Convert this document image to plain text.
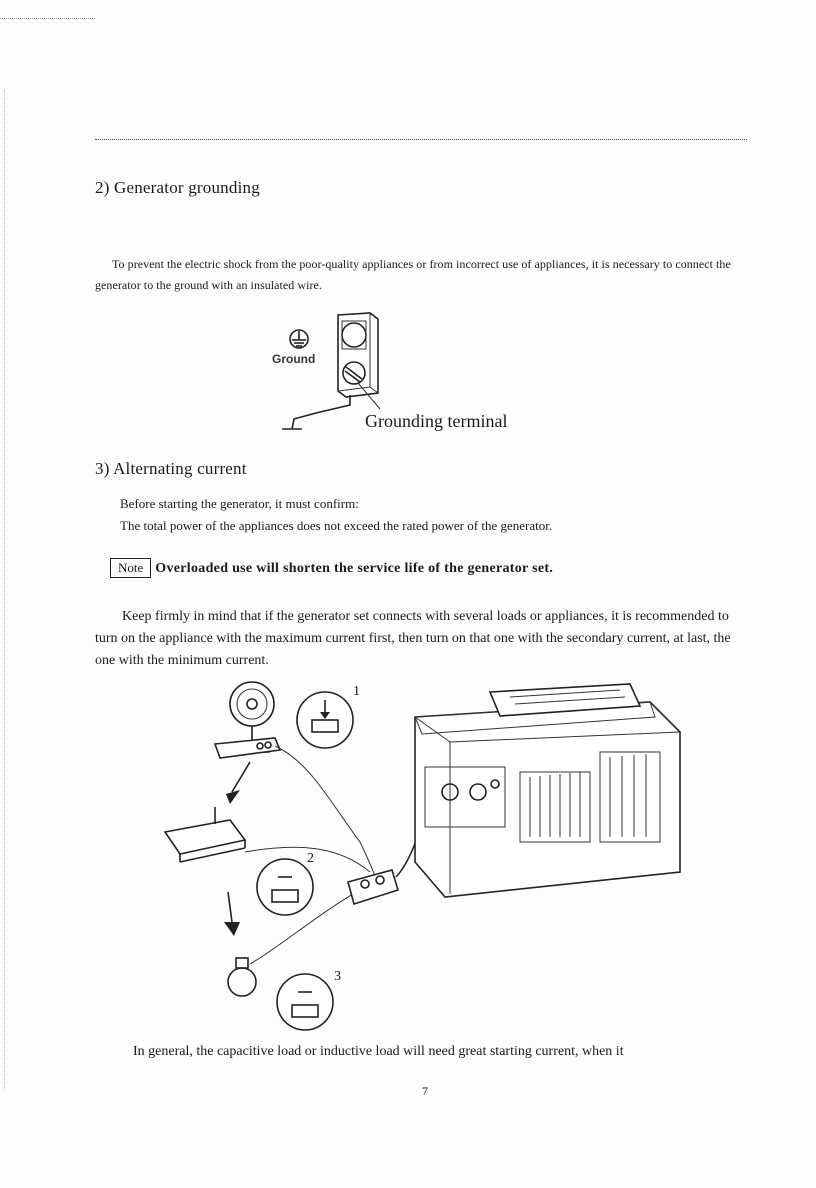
2) Generator grounding
To prevent the electric shock from the poor-quality appliances or from incorrect use of appliances, it is necessary to connect the generator to the ground with an insulated wire.
Ground
Grounding terminal
3) Alternating current
Before starting the generator, it must confirm:
The total power of the appliances does not exceed the rated power of the generator.
Note Overloaded use will shorten the service life of the generator set.
Keep firmly in mind that if the generator set connects with several loads or appliances, it is recommended to turn on the appliance with the maximum current first, then turn on that one with the secondary current, at last, the one with the minimum current.
1
2
3
In general, the capacitive load or inductive load will need great starting current, when it
7
